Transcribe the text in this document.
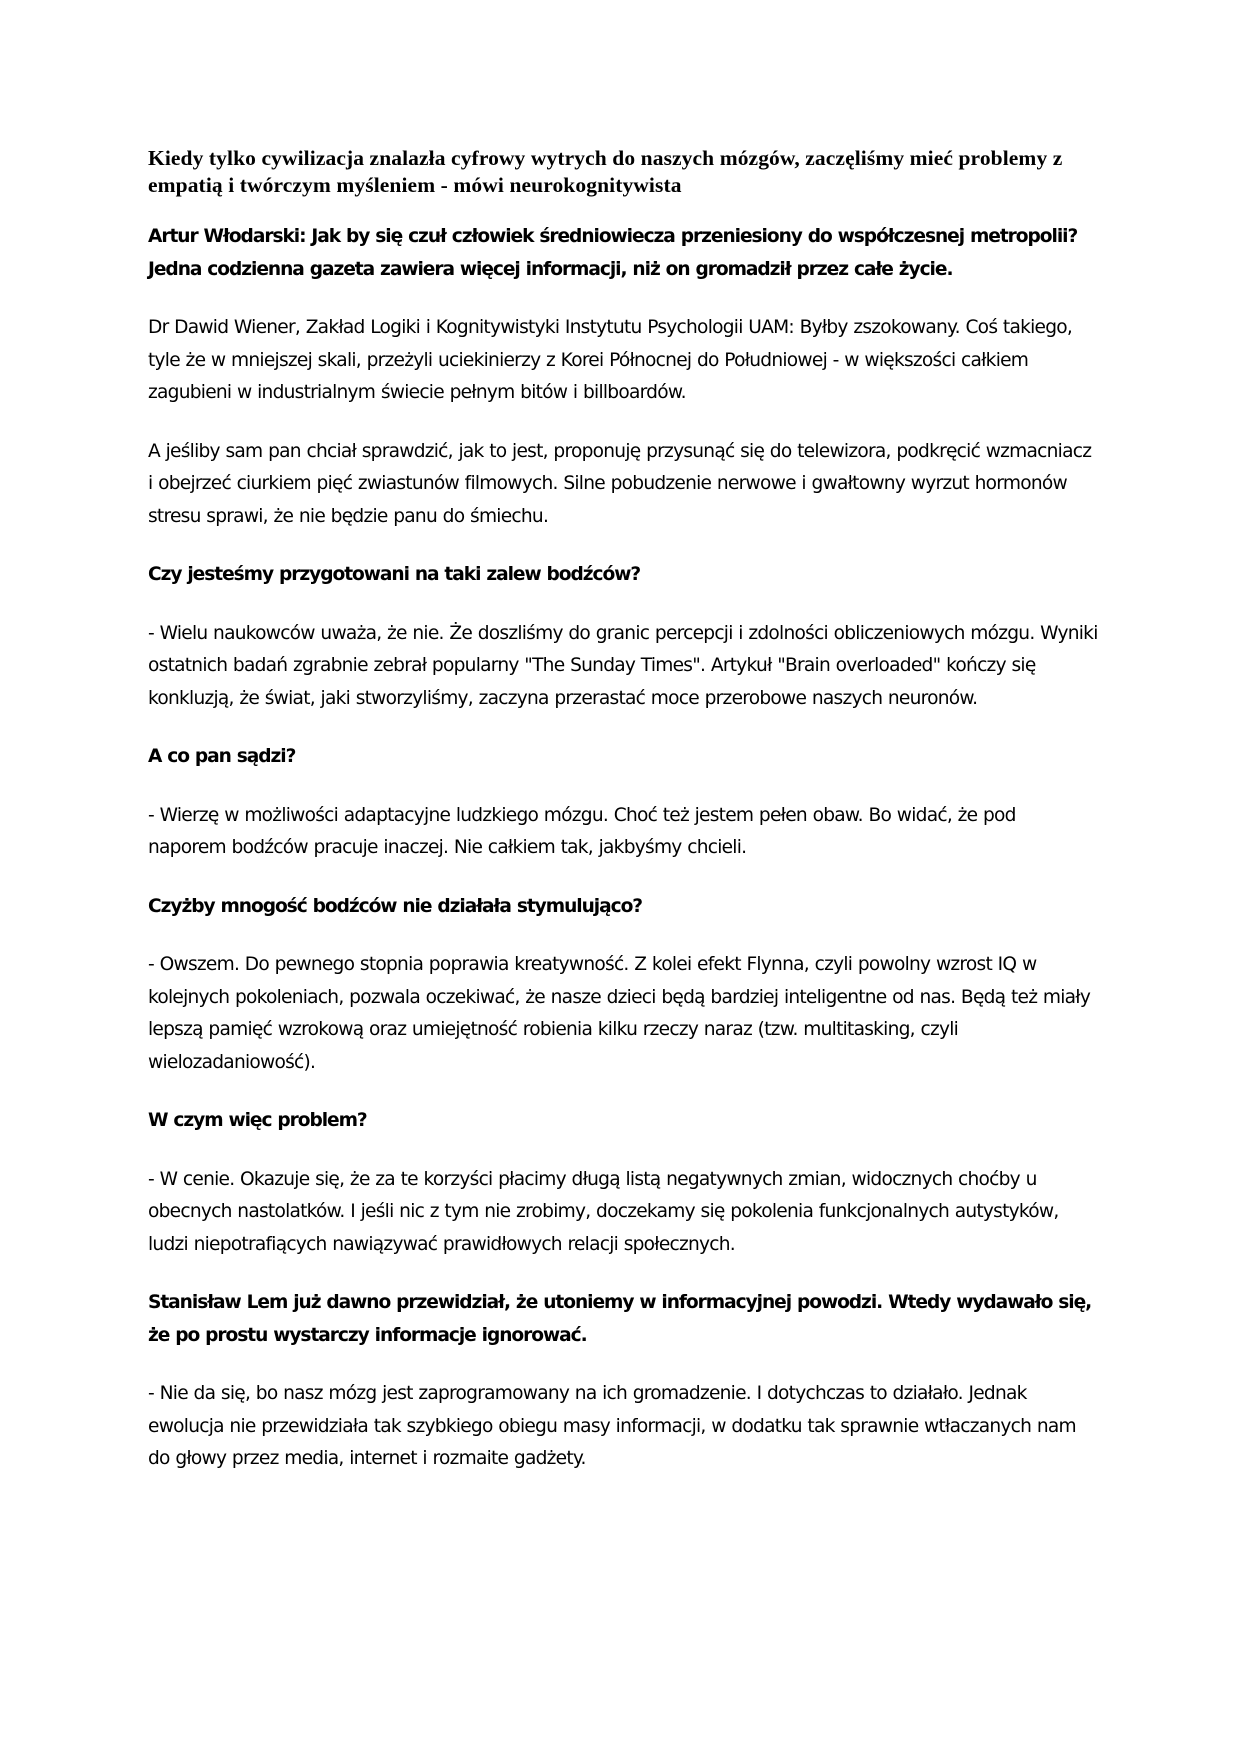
Kiedy tylko cywilizacja znalazła cyfrowy wytrych do naszych mózgów, zaczęliśmy mieć problemy z empatią i twórczym myśleniem - mówi neurokognitywista

Artur Włodarski: Jak by się czuł człowiek średniowiecza przeniesiony do współczesnej metropolii? Jedna codzienna gazeta zawiera więcej informacji, niż on gromadził przez całe życie.

Dr Dawid Wiener, Zakład Logiki i Kognitywistyki Instytutu Psychologii UAM: Byłby zszokowany. Coś takiego, tyle że w mniejszej skali, przeżyli uciekinierzy z Korei Północnej do Południowej - w większości całkiem zagubieni w industrialnym świecie pełnym bitów i billboardów.

A jeśliby sam pan chciał sprawdzić, jak to jest, proponuję przysunąć się do telewizora, podkręcić wzmacniacz i obejrzeć ciurkiem pięć zwiastunów filmowych. Silne pobudzenie nerwowe i gwałtowny wyrzut hormonów stresu sprawi, że nie będzie panu do śmiechu.

Czy jesteśmy przygotowani na taki zalew bodźców?

- Wielu naukowców uważa, że nie. Że doszliśmy do granic percepcji i zdolności obliczeniowych mózgu. Wyniki ostatnich badań zgrabnie zebrał popularny "The Sunday Times". Artykuł "Brain overloaded" kończy się konkluzją, że świat, jaki stworzyliśmy, zaczyna przerastać moce przerobowe naszych neuronów.

A co pan sądzi?

- Wierzę w możliwości adaptacyjne ludzkiego mózgu. Choć też jestem pełen obaw. Bo widać, że pod naporem bodźców pracuje inaczej. Nie całkiem tak, jakbyśmy chcieli.

Czyżby mnogość bodźców nie działała stymulująco?

- Owszem. Do pewnego stopnia poprawia kreatywność. Z kolei efekt Flynna, czyli powolny wzrost IQ w kolejnych pokoleniach, pozwala oczekiwać, że nasze dzieci będą bardziej inteligentne od nas. Będą też miały lepszą pamięć wzrokową oraz umiejętność robienia kilku rzeczy naraz (tzw. multitasking, czyli wielozadaniowość).

W czym więc problem?

- W cenie. Okazuje się, że za te korzyści płacimy długą listą negatywnych zmian, widocznych choćby u obecnych nastolatków. I jeśli nic z tym nie zrobimy, doczekamy się pokolenia funkcjonalnych autystyków, ludzi niepotrafiących nawiązywać prawidłowych relacji społecznych.

Stanisław Lem już dawno przewidział, że utoniemy w informacyjnej powodzi. Wtedy wydawało się, że po prostu wystarczy informacje ignorować.

- Nie da się, bo nasz mózg jest zaprogramowany na ich gromadzenie. I dotychczas to działało. Jednak ewolucja nie przewidziała tak szybkiego obiegu masy informacji, w dodatku tak sprawnie wtłaczanych nam do głowy przez media, internet i rozmaite gadżety.
